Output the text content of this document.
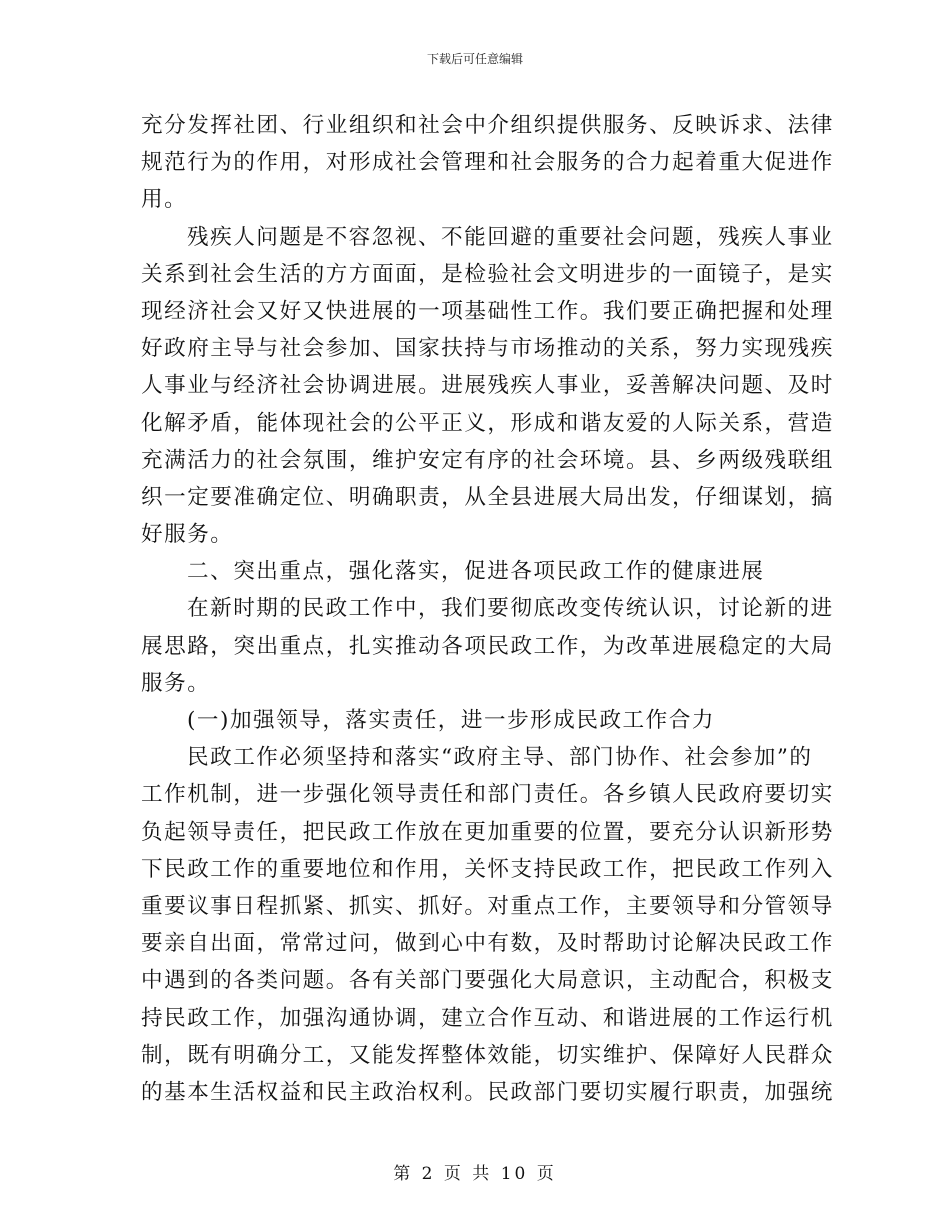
下载后可任意编辑
充分发挥社团、行业组织和社会中介组织提供服务、反映诉求、法律
规范行为的作用，对形成社会管理和社会服务的合力起着重大促进作
用。
残疾人问题是不容忽视、不能回避的重要社会问题，残疾人事业
关系到社会生活的方方面面，是检验社会文明进步的一面镜子，是实
现经济社会又好又快进展的一项基础性工作。我们要正确把握和处理
好政府主导与社会参加、国家扶持与市场推动的关系，努力实现残疾
人事业与经济社会协调进展。进展残疾人事业，妥善解决问题、及时
化解矛盾，能体现社会的公平正义，形成和谐友爱的人际关系，营造
充满活力的社会氛围，维护安定有序的社会环境。县、乡两级残联组
织一定要准确定位、明确职责，从全县进展大局出发，仔细谋划，搞
好服务。
二、突出重点，强化落实，促进各项民政工作的健康进展
在新时期的民政工作中，我们要彻底改变传统认识，讨论新的进
展思路，突出重点，扎实推动各项民政工作，为改革进展稳定的大局
服务。
(一)加强领导，落实责任，进一步形成民政工作合力
民政工作必须坚持和落实“政府主导、部门协作、社会参加”的
工作机制，进一步强化领导责任和部门责任。各乡镇人民政府要切实
负起领导责任，把民政工作放在更加重要的位置，要充分认识新形势
下民政工作的重要地位和作用，关怀支持民政工作，把民政工作列入
重要议事日程抓紧、抓实、抓好。对重点工作，主要领导和分管领导
要亲自出面，常常过问，做到心中有数，及时帮助讨论解决民政工作
中遇到的各类问题。各有关部门要强化大局意识，主动配合，积极支
持民政工作，加强沟通协调，建立合作互动、和谐进展的工作运行机
制，既有明确分工，又能发挥整体效能，切实维护、保障好人民群众
的基本生活权益和民主政治权利。民政部门要切实履行职责，加强统
第 2 页 共 10 页
